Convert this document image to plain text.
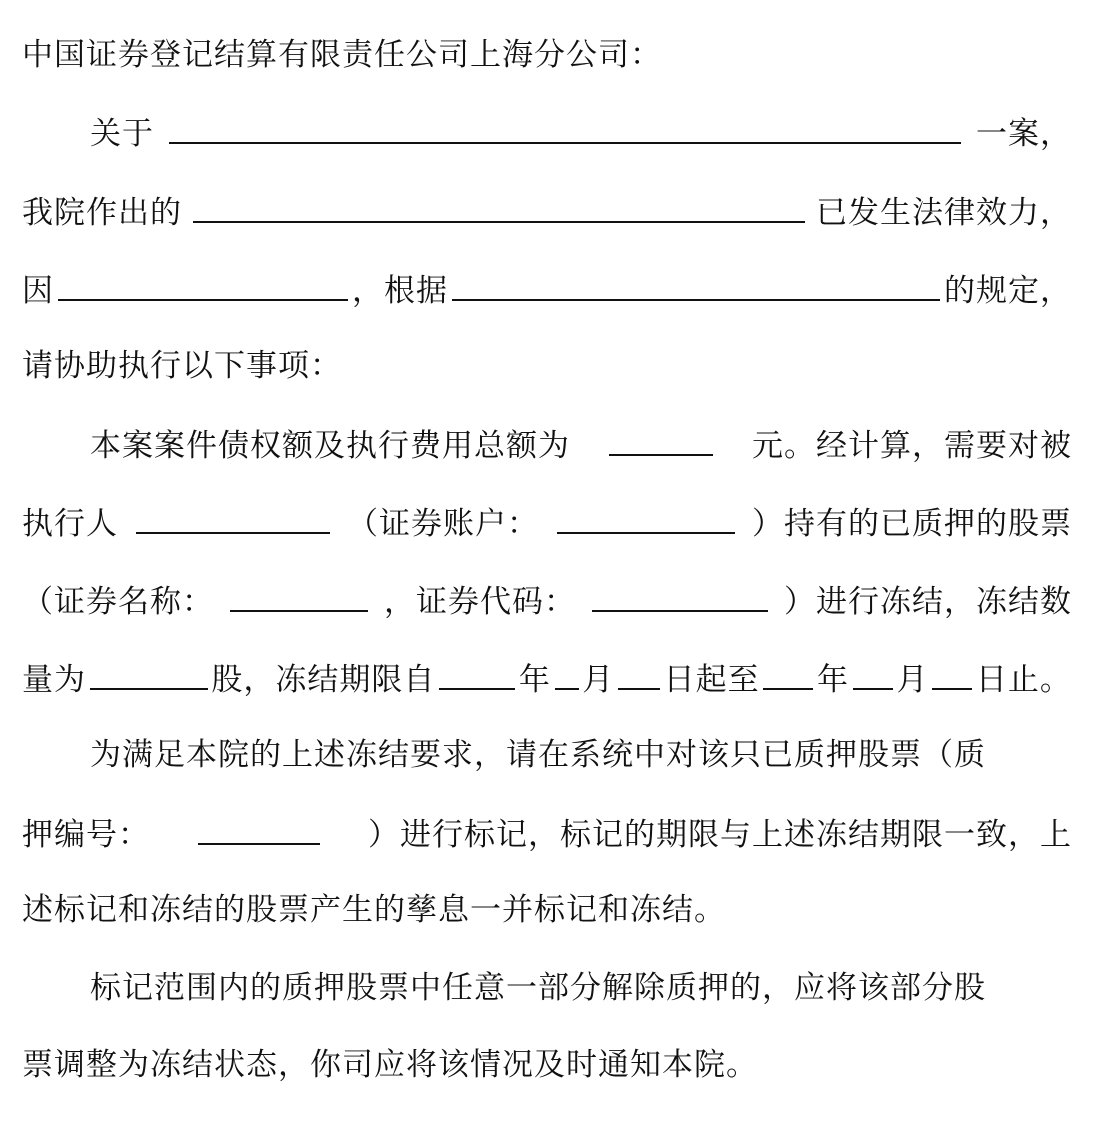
中国证券登记结算有限责任公司上海分公司：
关于	一案，
我院作出的	已发生法律效力，
因	，根据	的规定，
请协助执行以下事项：
本案案件债权额及执行费用总额为	元。经计算，需要对被
执行人	（证券账户：	）持有的已质押的股票
（证券名称：	，证券代码：	）进行冻结，冻结数
量为	股，冻结期限自	年 月 日起至 年 月 日止。
为满足本院的上述冻结要求，请在系统中对该只已质押股票（质
押编号：	）进行标记，标记的期限与上述冻结期限一致，上
述标记和冻结的股票产生的孳息一并标记和冻结。
标记范围内的质押股票中任意一部分解除质押的，应将该部分股
票调整为冻结状态，你司应将该情况及时通知本院。
